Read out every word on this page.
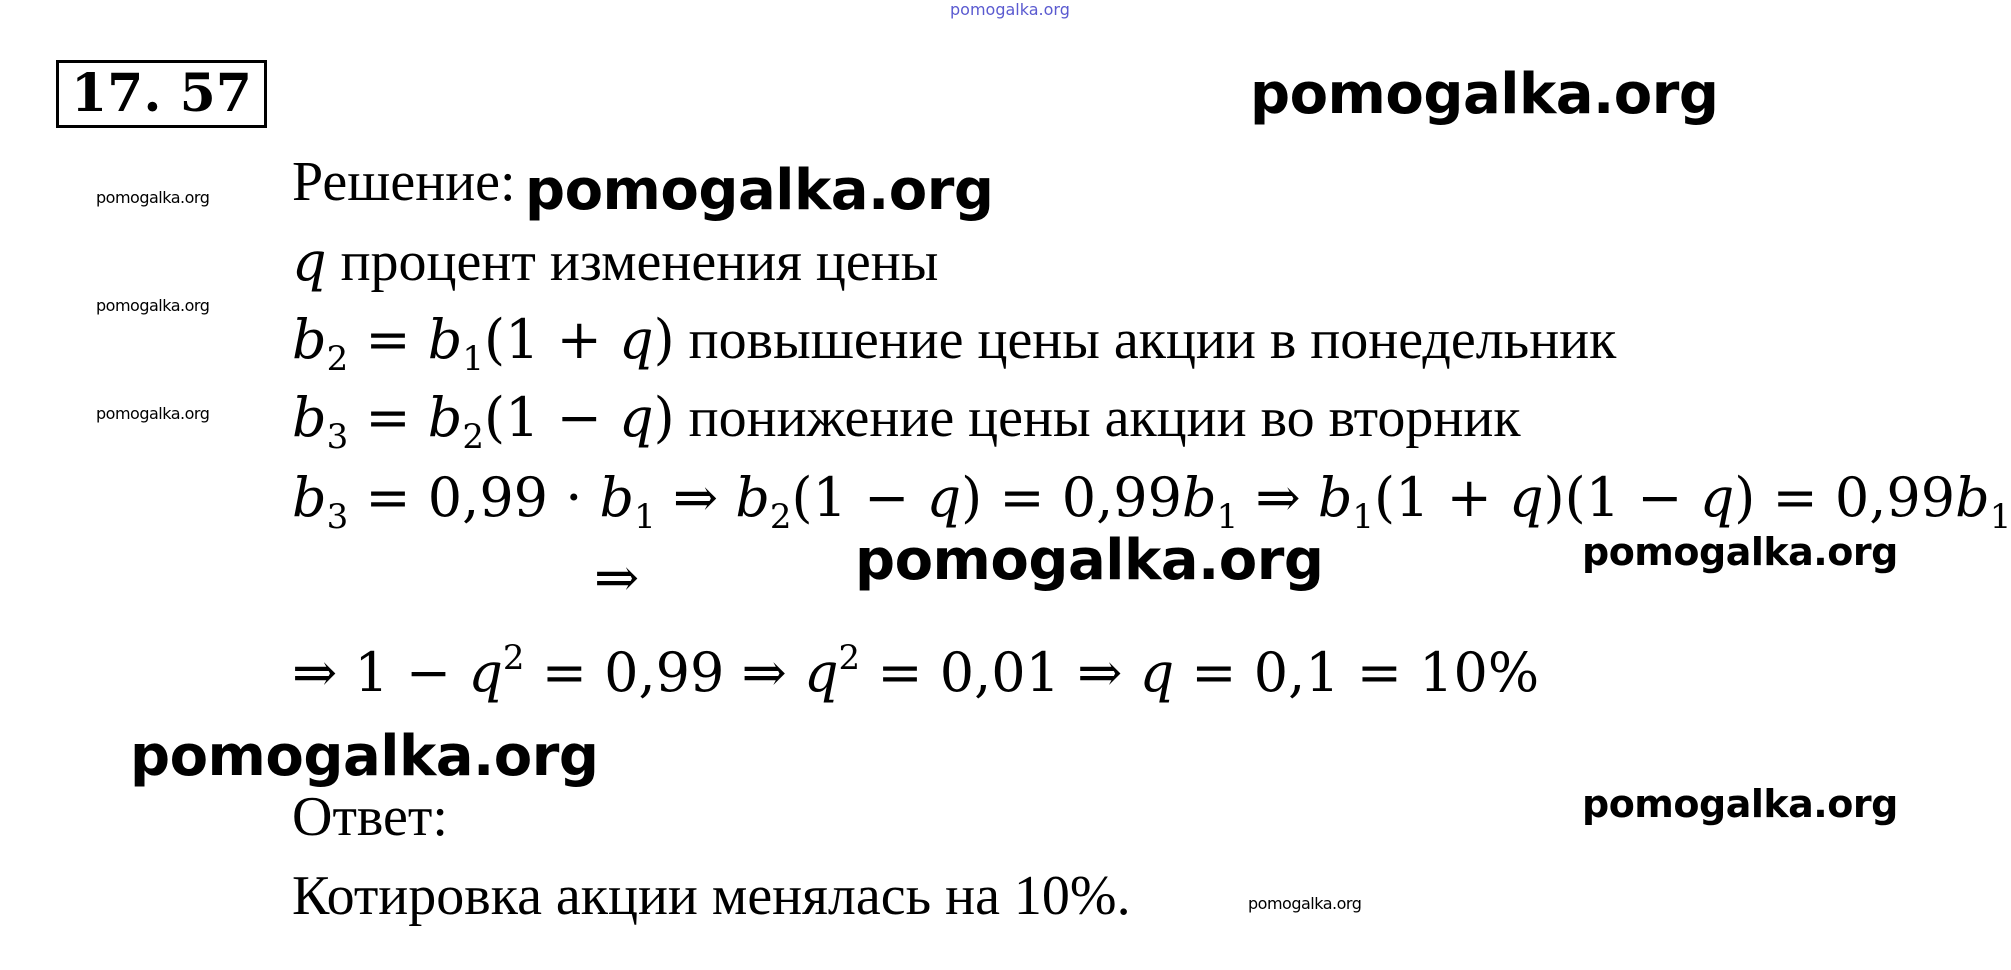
pomogalka.org
17. 57	pomogalka.org
pomogalka.org
pomogalka.org
pomogalka.org
Решение: pomogalka.org
q процент изменения цены
$b_2 = b_1(1 + q)$ повышение цены акции в понедельник
$b_3 = b_2(1 - q)$ понижение цены акции во вторник
$b_3 = 0,99 \cdot b_1$ ⇒ $b_2(1 - q) = 0,99b_1$ ⇒ $b_1(1 + q)(1 - q) = 0,99b_1$
⇒	pomogalka.org	pomogalka.org
⇒ $1 - q^2 = 0,99$ ⇒ $q^2 = 0,01$ ⇒ q = 0,1 = 10%
pomogalka.org
Ответ:	pomogalka.org
Котировка акции менялась на 10%.	pomogalka.org
